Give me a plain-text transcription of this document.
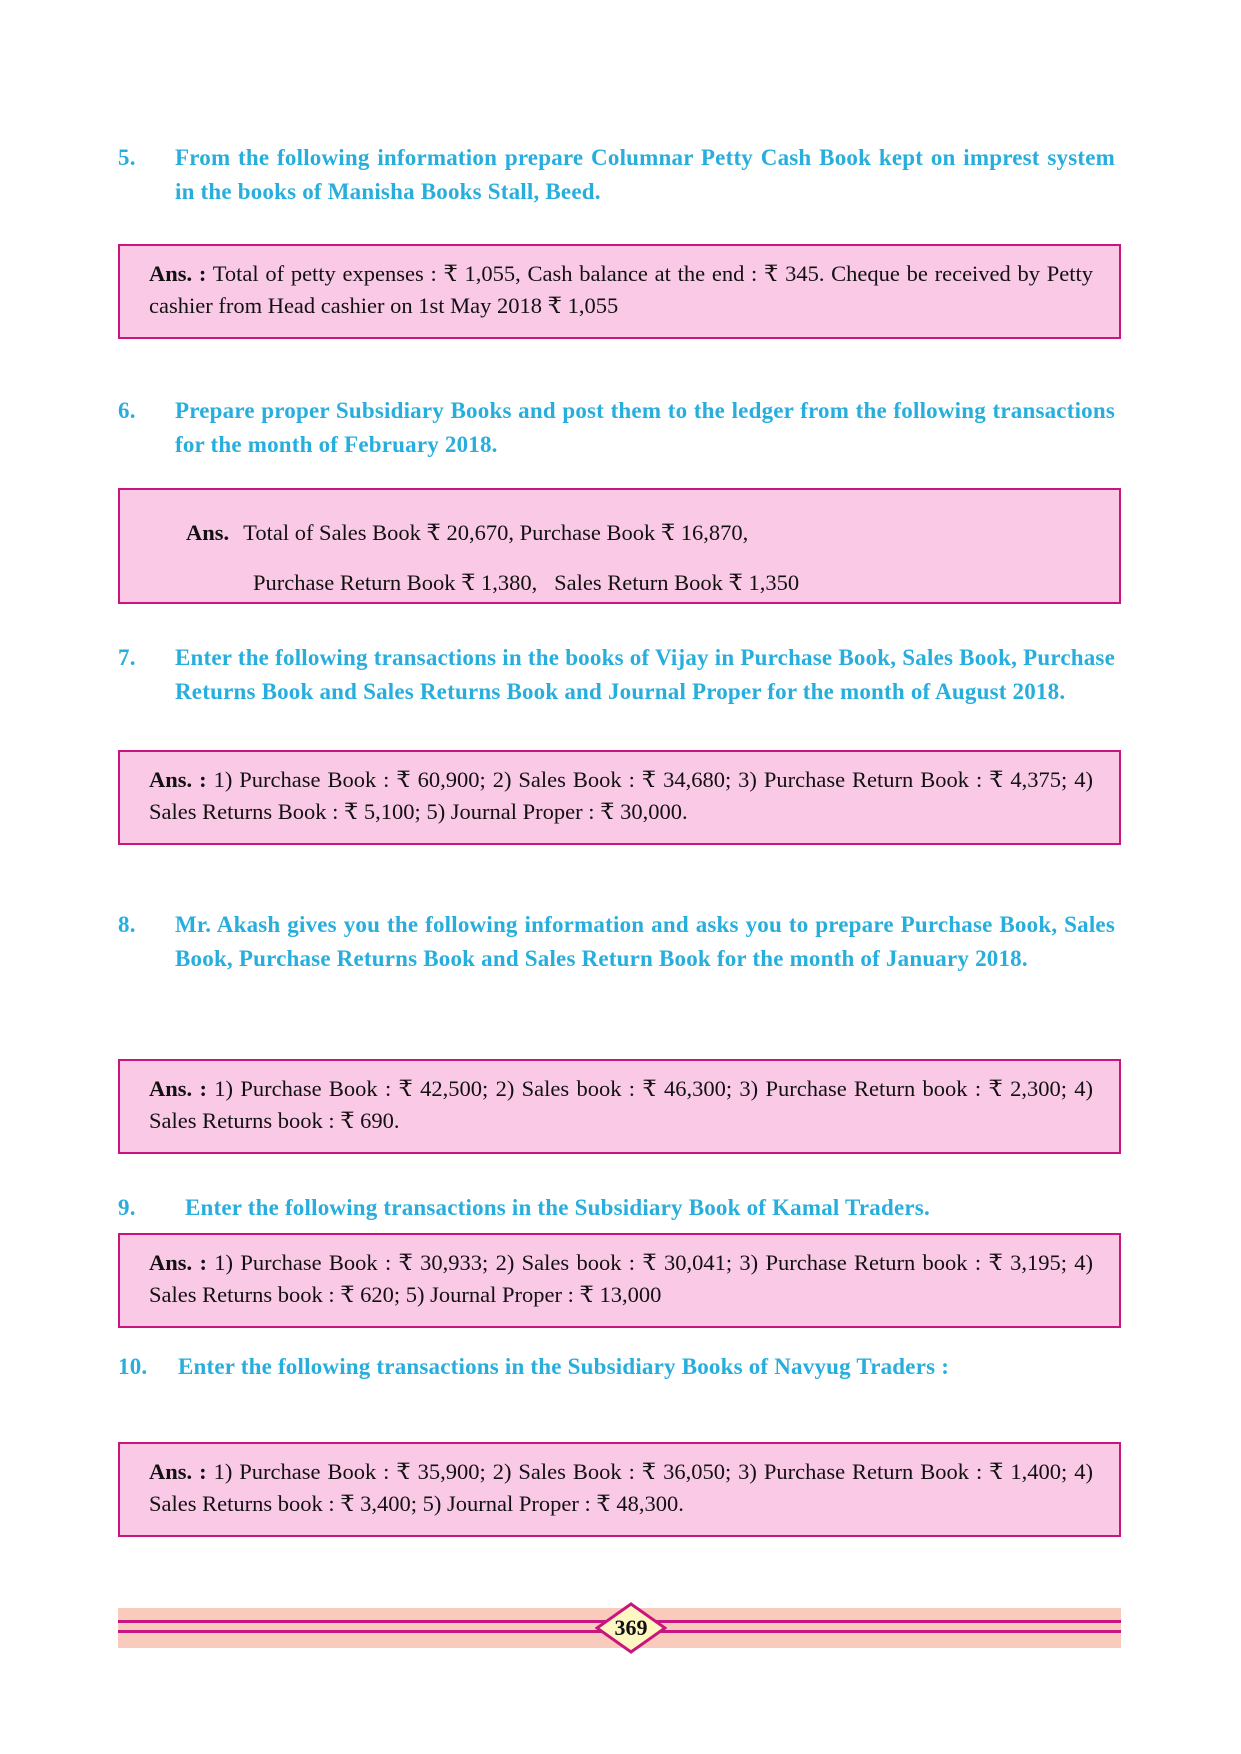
5. From the following information prepare Columnar Petty Cash Book kept on imprest system in the books of Manisha Books Stall, Beed.
Ans. : Total of petty expenses : ₹ 1,055, Cash balance at the end : ₹ 345. Cheque be received by Petty cashier from Head cashier on 1st May 2018 ₹ 1,055
6. Prepare proper Subsidiary Books and post them to the ledger from the following transactions for the month of February 2018.
Ans. Total of Sales Book ₹ 20,670, Purchase Book ₹ 16,870,
Purchase Return Book ₹ 1,380,   Sales Return Book ₹ 1,350
7. Enter the following transactions in the books of Vijay in Purchase Book, Sales Book, Purchase Returns Book and Sales Returns Book and Journal Proper for the month of August 2018.
Ans. : 1) Purchase Book : ₹ 60,900; 2) Sales Book : ₹ 34,680; 3) Purchase Return Book : ₹ 4,375; 4) Sales Returns Book : ₹ 5,100; 5) Journal Proper : ₹ 30,000.
8. Mr. Akash gives you the following information and asks you to prepare Purchase Book, Sales Book, Purchase Returns Book and Sales Return Book for the month of January 2018.
Ans. : 1) Purchase Book : ₹ 42,500; 2) Sales book : ₹ 46,300; 3) Purchase Return book : ₹ 2,300; 4) Sales Returns book : ₹ 690.
9. Enter the following transactions in the Subsidiary Book of Kamal Traders.
Ans. : 1) Purchase Book : ₹ 30,933; 2) Sales book : ₹ 30,041; 3) Purchase Return book : ₹ 3,195; 4) Sales Returns book : ₹ 620; 5) Journal Proper : ₹ 13,000
10. Enter the following transactions in the Subsidiary Books of Navyug Traders :
Ans. : 1) Purchase Book : ₹ 35,900; 2) Sales Book : ₹ 36,050; 3) Purchase Return Book : ₹ 1,400; 4) Sales Returns book : ₹ 3,400; 5) Journal Proper : ₹ 48,300.
369
